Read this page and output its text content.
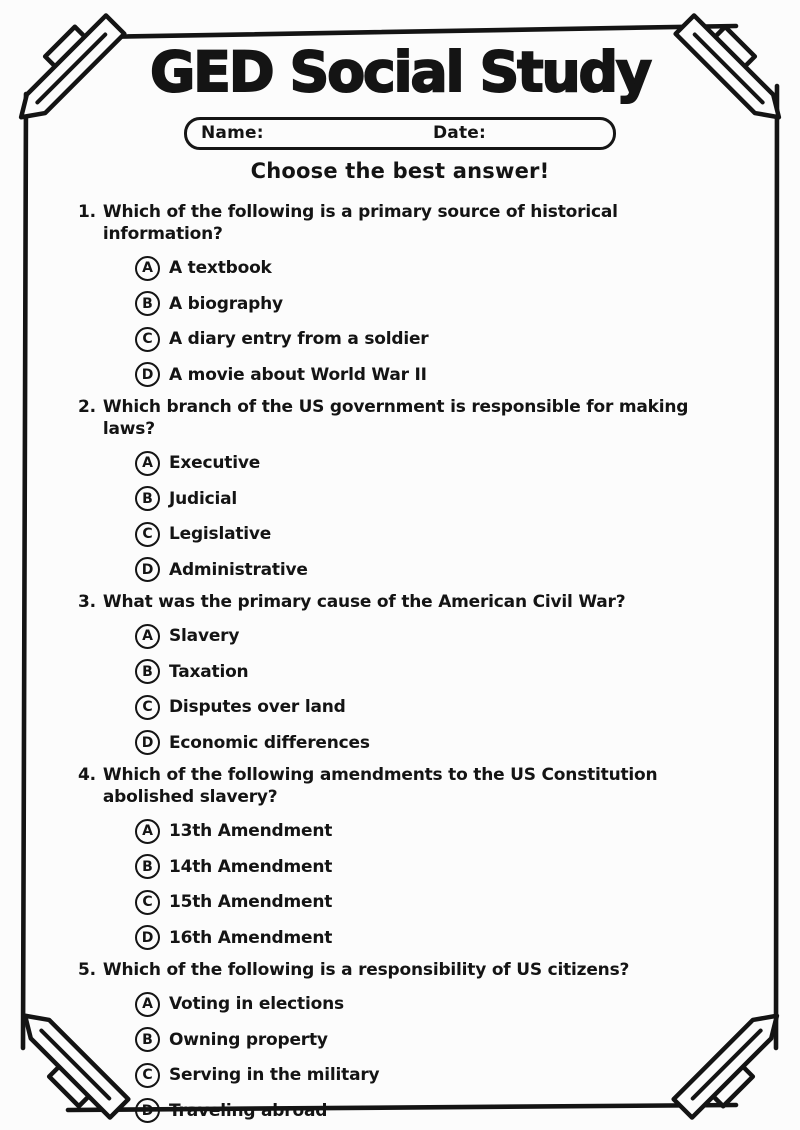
GED Social Study
Name:	Date:
Choose the best answer!
1. Which of the following is a primary source of historical information?
A A textbook
B A biography
C A diary entry from a soldier
D A movie about World War II
2. Which branch of the US government is responsible for making laws?
A Executive
B Judicial
C Legislative
D Administrative
3. What was the primary cause of the American Civil War?
A Slavery
B Taxation
C Disputes over land
D Economic differences
4. Which of the following amendments to the US Constitution abolished slavery?
A 13th Amendment
B 14th Amendment
C 15th Amendment
D 16th Amendment
5. Which of the following is a responsibility of US citizens?
A Voting in elections
B Owning property
C Serving in the military
D Traveling abroad
